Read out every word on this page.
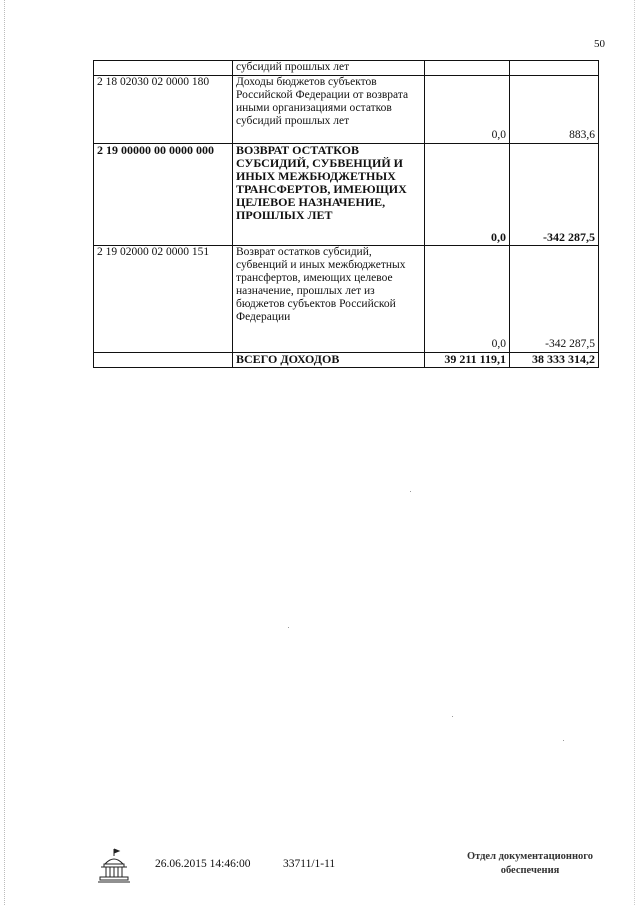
50
	субсидий прошлых лет		
2 18 02030 02 0000 180	Доходы бюджетов субъектов Российской Федерации от возврата иными организациями остатков субсидий прошлых лет	0,0	883,6
2 19 00000 00 0000 000	ВОЗВРАТ ОСТАТКОВ СУБСИДИЙ, СУБВЕНЦИЙ И ИНЫХ МЕЖБЮДЖЕТНЫХ ТРАНСФЕРТОВ, ИМЕЮЩИХ ЦЕЛЕВОЕ НАЗНАЧЕНИЕ, ПРОШЛЫХ ЛЕТ	0,0	-342 287,5
2 19 02000 02 0000 151	Возврат остатков субсидий, субвенций и иных межбюджетных трансфертов, имеющих целевое назначение, прошлых лет из бюджетов субъектов Российской Федерации	0,0	-342 287,5
	ВСЕГО ДОХОДОВ	39 211 119,1	38 333 314,2
26.06.2015 14:46:00	33711/1-11
Отдел документационного
обеспечения
